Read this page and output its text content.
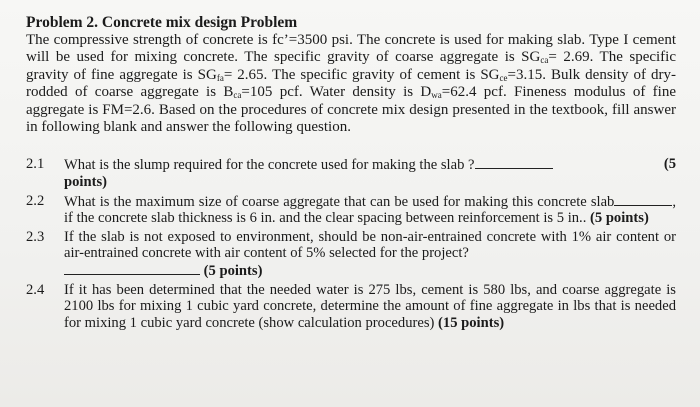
Problem 2. Concrete mix design Problem

The compressive strength of concrete is fc’=3500 psi. The concrete is used for making slab. Type I cement will be used for mixing concrete. The specific gravity of coarse aggregate is $SG_{ca}= 2.69$. The specific gravity of fine aggregate is $SG_{fa}= 2.65$. The specific gravity of cement is $SG_{ce}=3.15$. Bulk density of dry-rodded of coarse aggregate is $B_{ca}=105$ pcf. Water density is $D_{wa}=62.4$ pcf. Fineness modulus of fine aggregate is FM=2.6. Based on the procedures of concrete mix design presented in the textbook, fill answer in following blank and answer the following question.

2.1 What is the slump required for the concrete used for making the slab ?	(5

points)
2.2 What is the maximum size of coarse aggregate that can be used for making this concrete slab	, if the concrete slab thickness is 6 in. and the clear spacing between reinforcement is 5 in.. (5 points)
2.3 If the slab is not exposed to environment, should be non-air-entrained concrete with 1% air content or air-entrained concrete with air content of 5% selected for the project?
(5 points)
2.4 If it has been determined that the needed water is 275 lbs, cement is 580 lbs, and coarse aggregate is 2100 lbs for mixing 1 cubic yard concrete, determine the amount of fine aggregate in lbs that is needed for mixing 1 cubic yard concrete (show calculation procedures) (15 points)
